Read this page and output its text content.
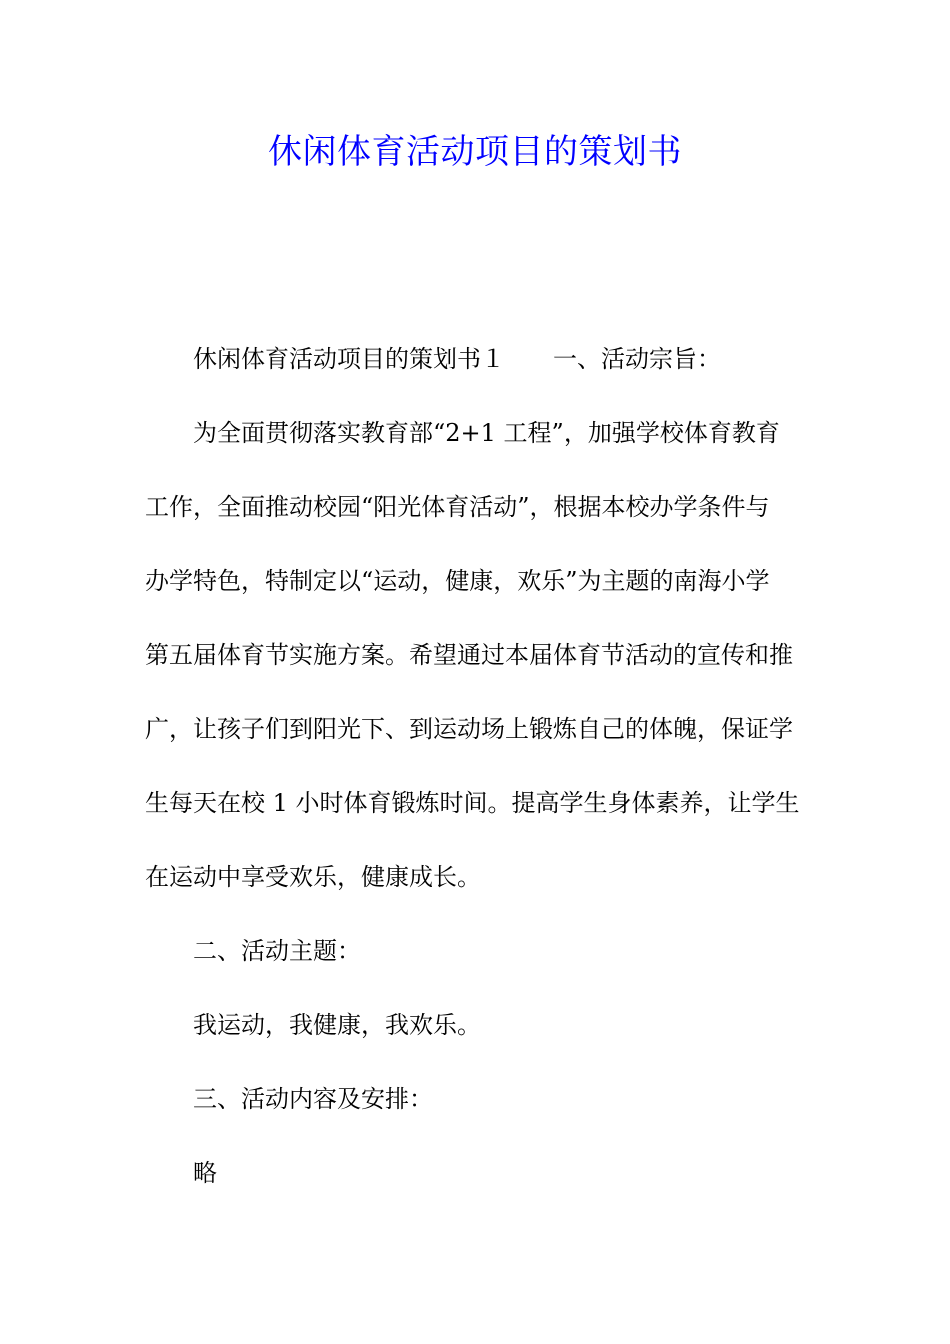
休闲体育活动项目的策划书
休闲体育活动项目的策划书１　　一、活动宗旨：
为全面贯彻落实教育部“2+1 工程”，加强学校体育教育
工作，全面推动校园“阳光体育活动”，根据本校办学条件与
办学特色，特制定以“运动，健康，欢乐”为主题的南海小学
第五届体育节实施方案。希望通过本届体育节活动的宣传和推
广，让孩子们到阳光下、到运动场上锻炼自己的体魄，保证学
生每天在校 1 小时体育锻炼时间。提高学生身体素养，让学生
在运动中享受欢乐，健康成长。
二、活动主题：
我运动，我健康，我欢乐。
三、活动内容及安排：
略
